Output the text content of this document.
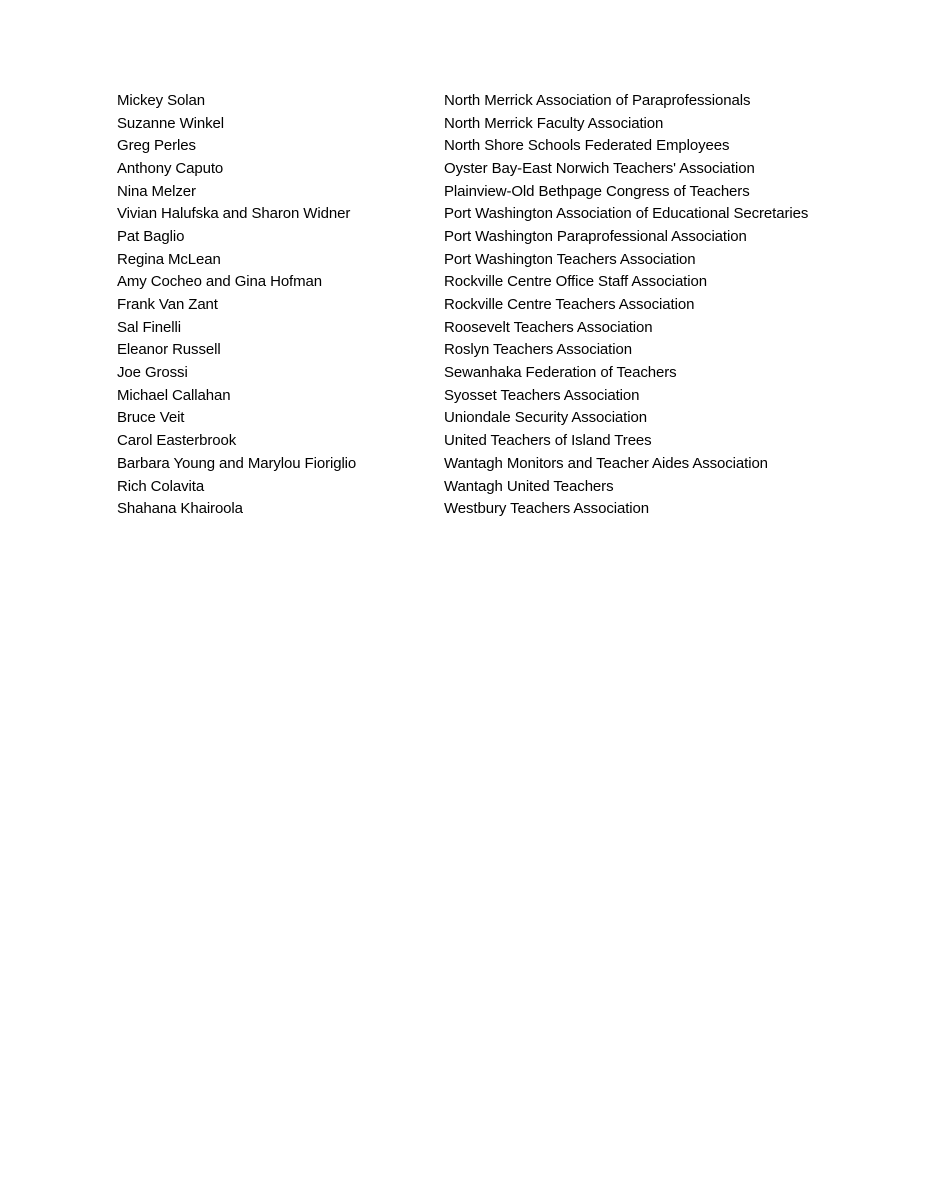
Mickey Solan	North Merrick Association of Paraprofessionals
Suzanne Winkel	North Merrick Faculty Association
Greg Perles	North Shore Schools Federated Employees
Anthony Caputo	Oyster Bay-East Norwich Teachers' Association
Nina Melzer	Plainview-Old Bethpage Congress of Teachers
Vivian Halufska and Sharon Widner	Port Washington Association of Educational Secretaries
Pat Baglio	Port Washington Paraprofessional Association
Regina McLean	Port Washington Teachers Association
Amy Cocheo and Gina Hofman	Rockville Centre Office Staff Association
Frank Van Zant	Rockville Centre Teachers Association
Sal Finelli	Roosevelt Teachers Association
Eleanor Russell	Roslyn Teachers Association
Joe Grossi	Sewanhaka Federation of Teachers
Michael Callahan	Syosset Teachers Association
Bruce Veit	Uniondale Security Association
Carol Easterbrook	United Teachers of Island Trees
Barbara Young and Marylou Fioriglio	Wantagh Monitors and Teacher Aides Association
Rich Colavita	Wantagh United Teachers
Shahana Khairoola	Westbury Teachers Association
